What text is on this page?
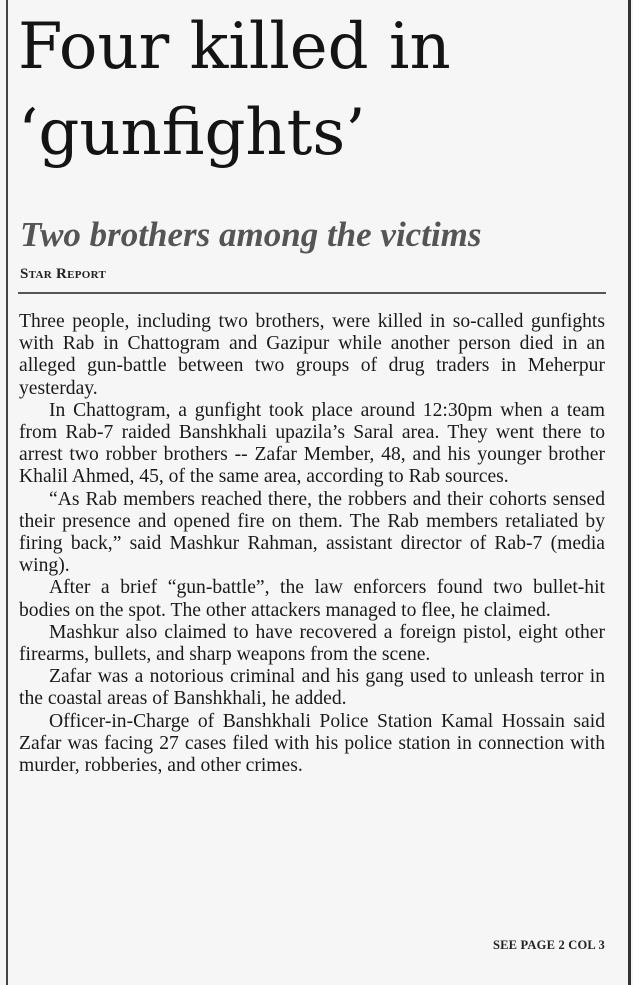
Four killed in
‘gunfights’
Two brothers among the victims
Star Report

Three people, including two brothers, were killed in so-called gunfights with Rab in Chattogram and Gazipur while another person died in an alleged gun-battle between two groups of drug traders in Meherpur yesterday.

In Chattogram, a gunfight took place around 12:30pm when a team from Rab-7 raided Banshkhali upazila’s Saral area. They went there to arrest two robber brothers -- Zafar Member, 48, and his younger brother Khalil Ahmed, 45, of the same area, according to Rab sources.

“As Rab members reached there, the robbers and their cohorts sensed their presence and opened fire on them. The Rab members retaliated by firing back,” said Mashkur Rahman, assistant director of Rab-7 (media wing).

After a brief “gun-battle”, the law enforcers found two bullet-hit bodies on the spot. The other attackers managed to flee, he claimed.

Mashkur also claimed to have recovered a foreign pistol, eight other firearms, bullets, and sharp weapons from the scene.

Zafar was a notorious criminal and his gang used to unleash terror in the coastal areas of Banshkhali, he added.

Officer-in-Charge of Banshkhali Police Station Kamal Hossain said Zafar was facing 27 cases filed with his police station in connection with murder, robberies, and other crimes.

SEE PAGE 2 COL 3
